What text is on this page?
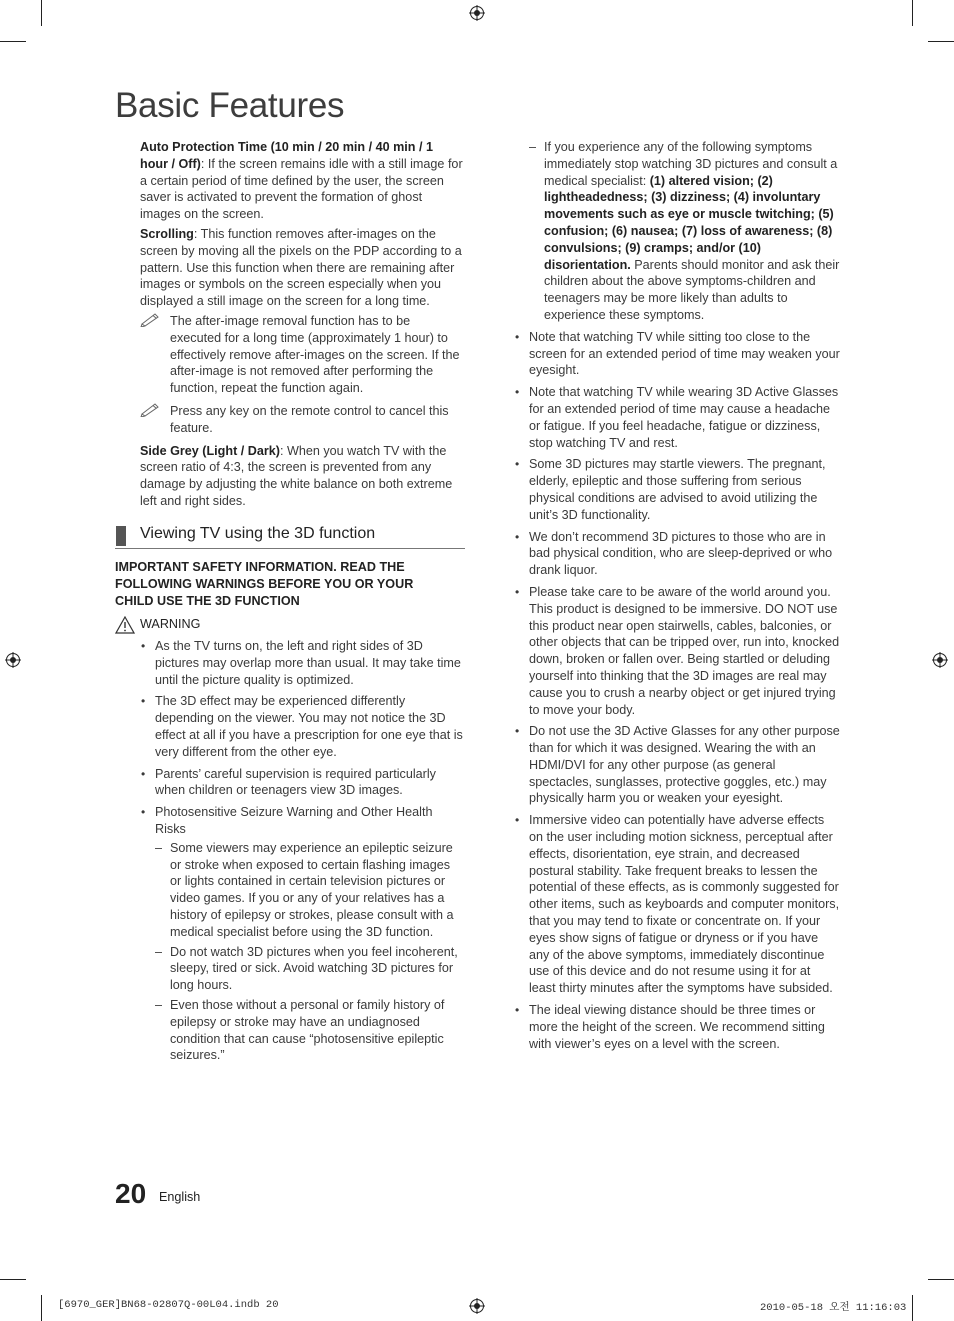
Basic Features

Auto Protection Time (10 min / 20 min / 40 min / 1 hour / Off): If the screen remains idle with a still image for a certain period of time defined by the user, the screen saver is activated to prevent the formation of ghost images on the screen.

Scrolling: This function removes after-images on the screen by moving all the pixels on the PDP according to a pattern. Use this function when there are remaining after images or symbols on the screen especially when you displayed a still image on the screen for a long time.

The after-image removal function has to be executed for a long time (approximately 1 hour) to effectively remove after-images on the screen. If the after-image is not removed after performing the function, repeat the function again.
Press any key on the remote control to cancel this feature.

Side Grey (Light / Dark): When you watch TV with the screen ratio of 4:3, the screen is prevented from any damage by adjusting the white balance on both extreme left and right sides.

Viewing TV using the 3D function
IMPORTANT SAFETY INFORMATION. READ THE FOLLOWING WARNINGS BEFORE YOU OR YOUR CHILD USE THE 3D FUNCTION
WARNING
• As the TV turns on, the left and right sides of 3D pictures may overlap more than usual. It may take time until the picture quality is optimized.
• The 3D effect may be experienced differently depending on the viewer. You may not notice the 3D effect at all if you have a prescription for one eye that is very different from the other eye.
• Parents’ careful supervision is required particularly when children or teenagers view 3D images.
• Photosensitive Seizure Warning and Other Health Risks
– Some viewers may experience an epileptic seizure or stroke when exposed to certain flashing images or lights contained in certain television pictures or video games. If you or any of your relatives has a history of epilepsy or strokes, please consult with a medical specialist before using the 3D function.
– Do not watch 3D pictures when you feel incoherent, sleepy, tired or sick. Avoid watching 3D pictures for long hours.
– Even those without a personal or family history of epilepsy or stroke may have an undiagnosed condition that can cause “photosensitive epileptic seizures.”
– If you experience any of the following symptoms immediately stop watching 3D pictures and consult a medical specialist: (1) altered vision; (2) lightheadedness; (3) dizziness; (4) involuntary movements such as eye or muscle twitching; (5) confusion; (6) nausea; (7) loss of awareness; (8) convulsions; (9) cramps; and/or (10) disorientation. Parents should monitor and ask their children about the above symptoms-children and teenagers may be more likely than adults to experience these symptoms.
• Note that watching TV while sitting too close to the screen for an extended period of time may weaken your eyesight.
• Note that watching TV while wearing 3D Active Glasses for an extended period of time may cause a headache or fatigue. If you feel headache, fatigue or dizziness, stop watching TV and rest.
• Some 3D pictures may startle viewers. The pregnant, elderly, epileptic and those suffering from serious physical conditions are advised to avoid utilizing the unit’s 3D functionality.
• We don’t recommend 3D pictures to those who are in bad physical condition, who are sleep-deprived or who drank liquor.
• Please take care to be aware of the world around you. This product is designed to be immersive. DO NOT use this product near open stairwells, cables, balconies, or other objects that can be tripped over, run into, knocked down, broken or fallen over. Being startled or deluding yourself into thinking that the 3D images are real may cause you to crush a nearby object or get injured trying to move your body.
• Do not use the 3D Active Glasses for any other purpose than for which it was designed. Wearing the with an HDMI/DVI for any other purpose (as general spectacles, sunglasses, protective goggles, etc.) may physically harm you or weaken your eyesight.
• Immersive video can potentially have adverse effects on the user including motion sickness, perceptual after effects, disorientation, eye strain, and decreased postural stability. Take frequent breaks to lessen the potential of these effects, as is commonly suggested for other items, such as keyboards and computer monitors, that you may tend to fixate or concentrate on. If your eyes show signs of fatigue or dryness or if you have any of the above symptoms, immediately discontinue use of this device and do not resume using it for at least thirty minutes after the symptoms have subsided.
• The ideal viewing distance should be three times or more the height of the screen. We recommend sitting with viewer’s eyes on a level with the screen.
20 English
[6970_GER]BN68-02807Q-00L04.indb 20	2010-05-18 오전 11:16:03
